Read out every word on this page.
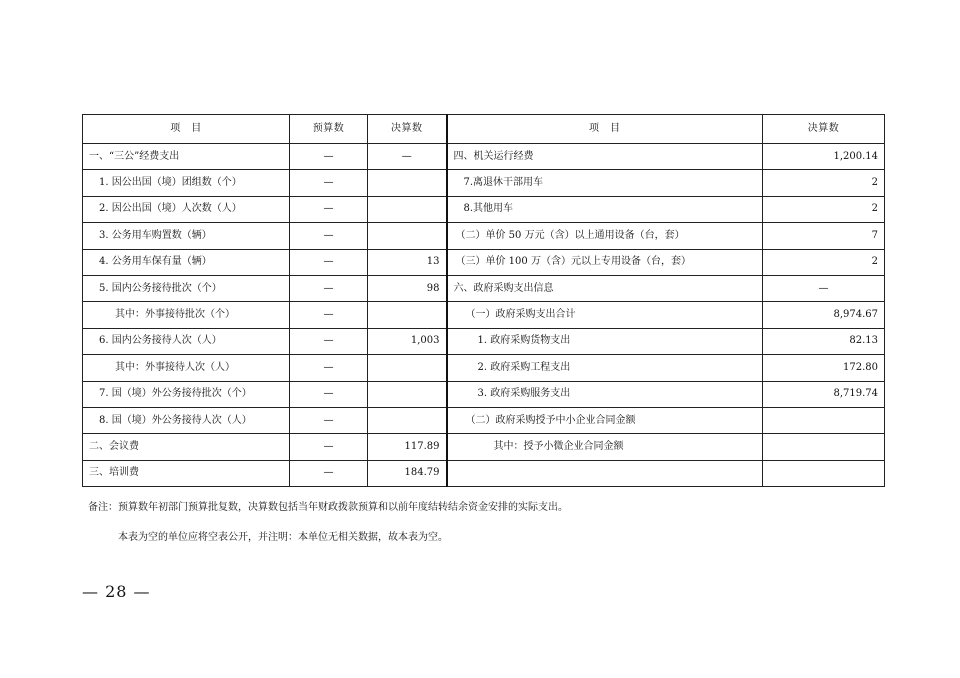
项　目	预算数	决算数	项　目	决算数
一、“三公”经费支出	—	—	四、机关运行经费	1,200.14
1. 因公出国（境）团组数（个）	—		7.离退休干部用车	2
2. 因公出国（境）人次数（人）	—		8.其他用车	2
3. 公务用车购置数（辆）	—		（二）单价 50 万元（含）以上通用设备（台，套）	7
4. 公务用车保有量（辆）	—	13	（三）单价 100 万（含）元以上专用设备（台，套）	2
5. 国内公务接待批次（个）	—	98	六、政府采购支出信息	—
其中：外事接待批次（个）	—		（一）政府采购支出合计	8,974.67
6. 国内公务接待人次（人）	—	1,003	1. 政府采购货物支出	82.13
其中：外事接待人次（人）	—		2. 政府采购工程支出	172.80
7. 国（境）外公务接待批次（个）	—		3. 政府采购服务支出	8,719.74
8. 国（境）外公务接待人次（人）	—		（二）政府采购授予中小企业合同金额	
二、会议费	—	117.89	其中：授予小微企业合同金额	
三、培训费	—	184.79		
备注：预算数年初部门预算批复数，决算数包括当年财政拨款预算和以前年度结转结余资金安排的实际支出。
本表为空的单位应将空表公开，并注明：本单位无相关数据，故本表为空。
— 28 —
